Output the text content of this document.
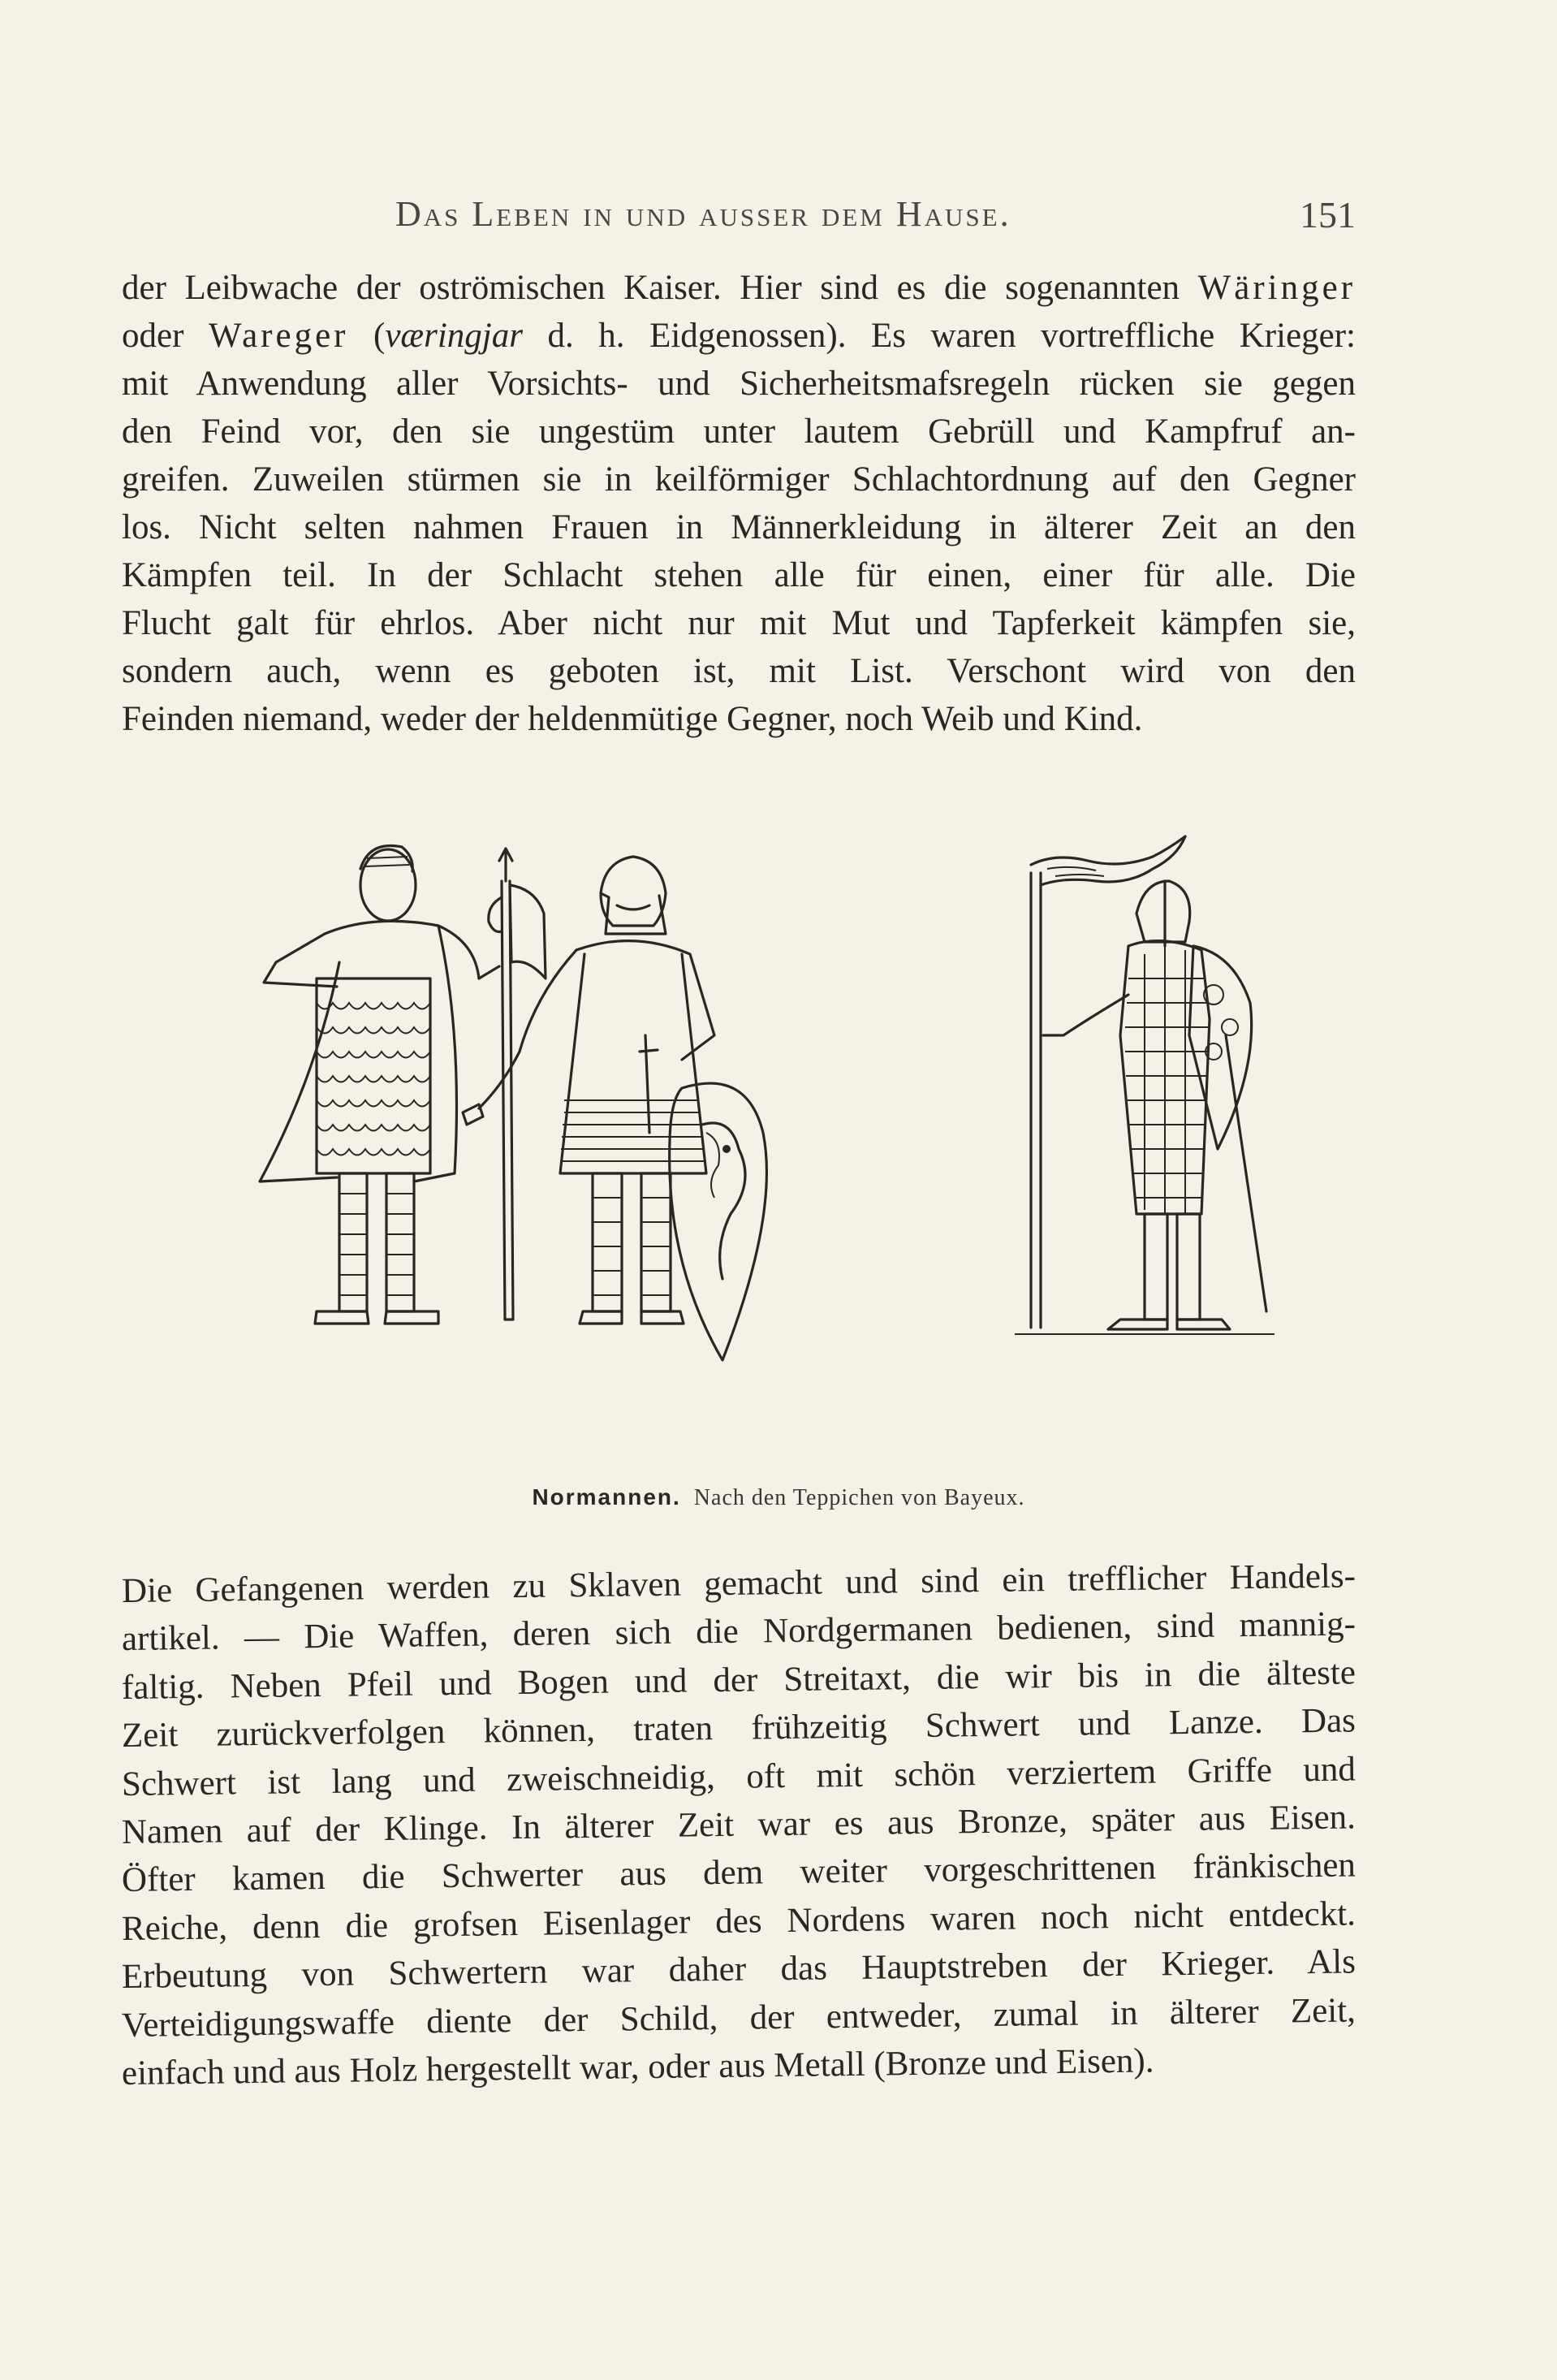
Das Leben in und ausser dem Hause.	151
der Leibwache der oströmischen Kaiser. Hier sind es die sogenannten Wäringer
oder Wareger (væringjar d. h. Eidgenossen). Es waren vortreffliche Krieger:
mit Anwendung aller Vorsichts- und Sicherheitsmafsregeln rücken sie gegen
den Feind vor, den sie ungestüm unter lautem Gebrüll und Kampfruf an-
greifen. Zuweilen stürmen sie in keilförmiger Schlachtordnung auf den Gegner
los. Nicht selten nahmen Frauen in Männerkleidung in älterer Zeit an den
Kämpfen teil. In der Schlacht stehen alle für einen, einer für alle. Die
Flucht galt für ehrlos. Aber nicht nur mit Mut und Tapferkeit kämpfen sie,
sondern auch, wenn es geboten ist, mit List. Verschont wird von den
Feinden niemand, weder der heldenmütige Gegner, noch Weib und Kind.
Normannen. Nach den Teppichen von Bayeux.
Die Gefangenen werden zu Sklaven gemacht und sind ein trefflicher Handels-
artikel. — Die Waffen, deren sich die Nordgermanen bedienen, sind mannig-
faltig. Neben Pfeil und Bogen und der Streitaxt, die wir bis in die älteste
Zeit zurückverfolgen können, traten frühzeitig Schwert und Lanze. Das
Schwert ist lang und zweischneidig, oft mit schön verziertem Griffe und
Namen auf der Klinge. In älterer Zeit war es aus Bronze, später aus Eisen.
Öfter kamen die Schwerter aus dem weiter vorgeschrittenen fränkischen
Reiche, denn die grofsen Eisenlager des Nordens waren noch nicht entdeckt.
Erbeutung von Schwertern war daher das Hauptstreben der Krieger. Als
Verteidigungswaffe diente der Schild, der entweder, zumal in älterer Zeit,
einfach und aus Holz hergestellt war, oder aus Metall (Bronze und Eisen).
